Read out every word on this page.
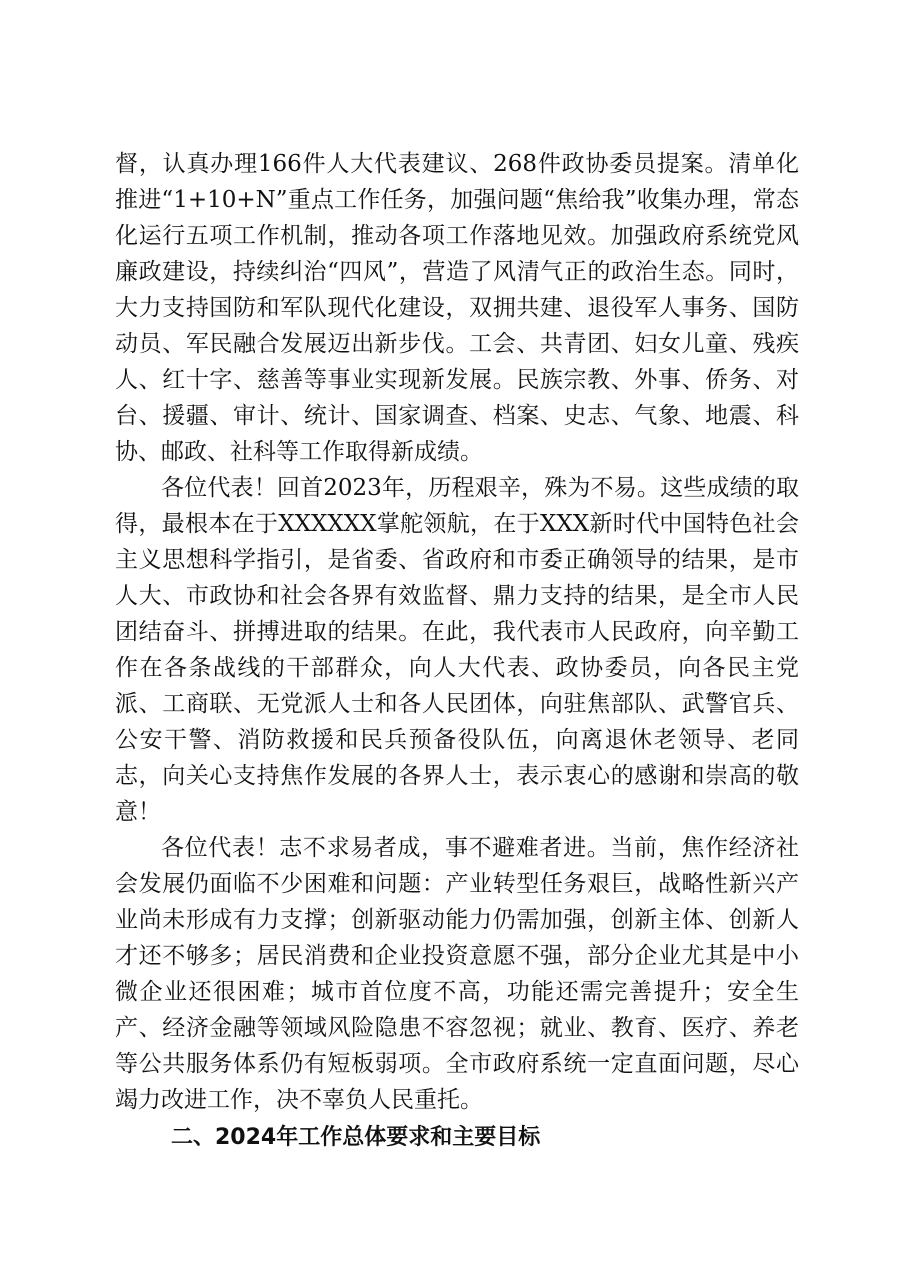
督，认真办理166件人大代表建议、268件政协委员提案。清单化推进“1+10+N”重点工作任务，加强问题“焦给我”收集办理，常态化运行五项工作机制，推动各项工作落地见效。加强政府系统党风廉政建设，持续纠治“四风”，营造了风清气正的政治生态。同时，大力支持国防和军队现代化建设，双拥共建、退役军人事务、国防动员、军民融合发展迈出新步伐。工会、共青团、妇女儿童、残疾人、红十字、慈善等事业实现新发展。民族宗教、外事、侨务、对台、援疆、审计、统计、国家调查、档案、史志、气象、地震、科协、邮政、社科等工作取得新成绩。

各位代表！回首2023年，历程艰辛，殊为不易。这些成绩的取得，最根本在于XXXXXX掌舵领航，在于XXX新时代中国特色社会主义思想科学指引，是省委、省政府和市委正确领导的结果，是市人大、市政协和社会各界有效监督、鼎力支持的结果，是全市人民团结奋斗、拼搏进取的结果。在此，我代表市人民政府，向辛勤工作在各条战线的干部群众，向人大代表、政协委员，向各民主党派、工商联、无党派人士和各人民团体，向驻焦部队、武警官兵、公安干警、消防救援和民兵预备役队伍，向离退休老领导、老同志，向关心支持焦作发展的各界人士，表示衷心的感谢和崇高的敬意！

各位代表！志不求易者成，事不避难者进。当前，焦作经济社会发展仍面临不少困难和问题：产业转型任务艰巨，战略性新兴产业尚未形成有力支撑；创新驱动能力仍需加强，创新主体、创新人才还不够多；居民消费和企业投资意愿不强，部分企业尤其是中小微企业还很困难；城市首位度不高，功能还需完善提升；安全生产、经济金融等领域风险隐患不容忽视；就业、教育、医疗、养老等公共服务体系仍有短板弱项。全市政府系统一定直面问题，尽心竭力改进工作，决不辜负人民重托。

二、2024年工作总体要求和主要目标
